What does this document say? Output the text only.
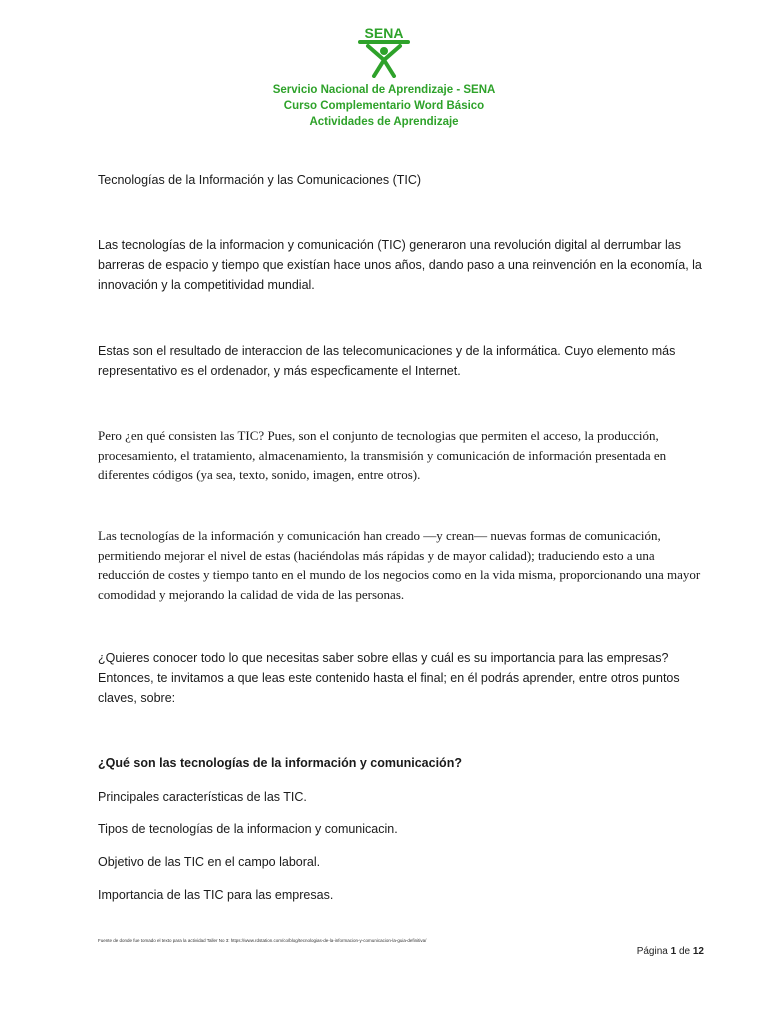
SENA
Servicio Nacional de Aprendizaje - SENA
Curso Complementario Word Básico
Actividades de Aprendizaje

Tecnologías de la Información y las Comunicaciones (TIC)

Las tecnologías de la informacion y comunicación (TIC) generaron una revolución digital al derrumbar las barreras de espacio y tiempo que existían hace unos años, dando paso a una reinvención en la economía, la innovación y la competitividad mundial.

Estas son el resultado de interaccion de las telecomunicaciones y de la informática. Cuyo elemento más representativo es el ordenador, y más especficamente el Internet.

Pero ¿en qué consisten las TIC? Pues, son el conjunto de tecnologias que permiten el acceso, la producción, procesamiento, el tratamiento, almacenamiento, la transmisión y comunicación de información presentada en diferentes códigos (ya sea, texto, sonido, imagen, entre otros).

Las tecnologías de la información y comunicación han creado —y crean— nuevas formas de comunicación, permitiendo mejorar el nivel de estas (haciéndolas más rápidas y de mayor calidad); traduciendo esto a una reducción de costes y tiempo tanto en el mundo de los negocios como en la vida misma, proporcionando una mayor comodidad y mejorando la calidad de vida de las personas.

¿Quieres conocer todo lo que necesitas saber sobre ellas y cuál es su importancia para las empresas? Entonces, te invitamos a que leas este contenido hasta el final; en él podrás aprender, entre otros puntos claves, sobre:

¿Qué son las tecnologías de la información y comunicación?

Principales características de las TIC.

Tipos de tecnologías de la informacion y comunicacin.

Objetivo de las TIC en el campo laboral.

Importancia de las TIC para las empresas.

Fuente de donde fue tomado el texto para la actividad Taller No 3: https://www.rdstation.com/co/blog/tecnologias-de-la-informacion-y-comunicacion-la-guia-definitiva/
Página 1 de 12
